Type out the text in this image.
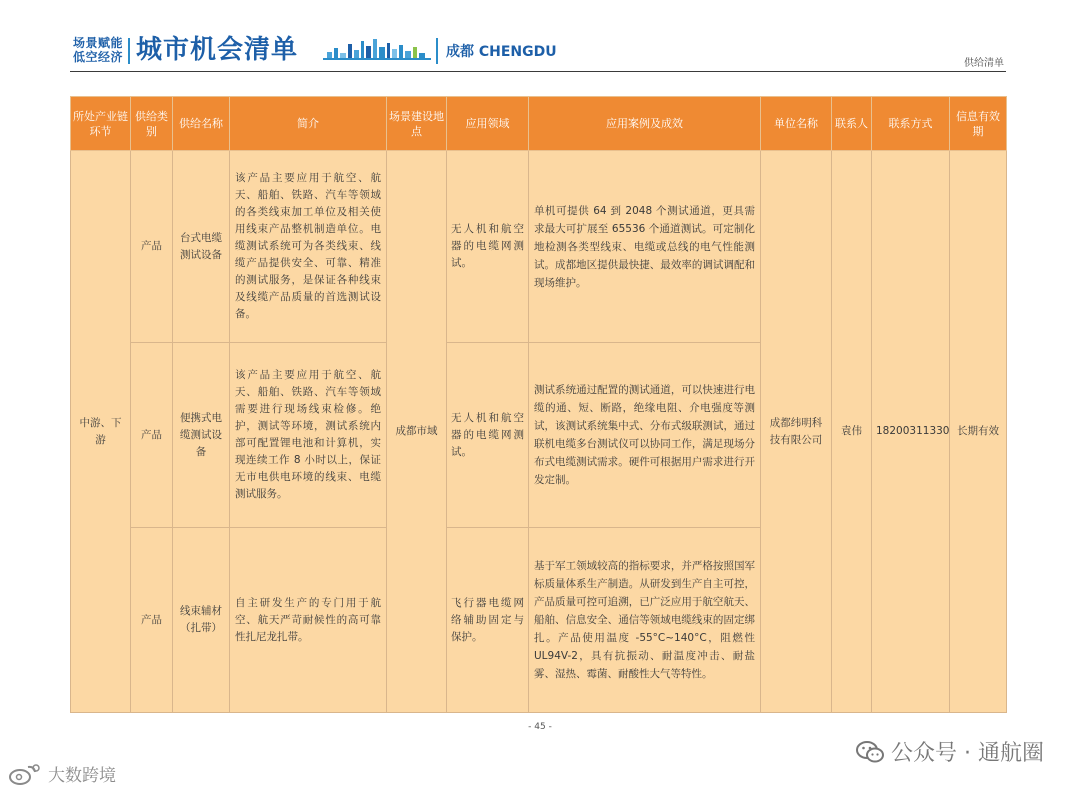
场景赋能
低空经济 城市机会清单	成都 CHENGDU
供给清单
所处产业链环节	供给类别	供给名称	简介	场景建设地点	应用领域	应用案例及成效	单位名称	联系人	联系方式	信息有效期
中游、下游	产品	台式电缆测试设备	该产品主要应用于航空、航天、船舶、铁路、汽车等领域的各类线束加工单位及相关使用线束产品整机制造单位。电缆测试系统可为各类线束、线缆产品提供安全、可靠、精准的测试服务，是保证各种线束及线缆产品质量的首选测试设备。	成都市域	无人机和航空器的电缆网测试。	单机可提供 64 到 2048 个测试通道，更具需求最大可扩展至 65536 个通道测试。可定制化地检测各类型线束、电缆或总线的电气性能测试。成都地区提供最快捷、最效率的调试调配和现场维护。	成都纬明科技有限公司	袁伟	18200311330	长期有效
	产品	便携式电缆测试设备	该产品主要应用于航空、航天、船舶、铁路、汽车等领域需要进行现场线束检修。绝护，测试等环境，测试系统内部可配置锂电池和计算机，实现连续工作 8 小时以上，保证无市电供电环境的线束、电缆测试服务。		无人机和航空器的电缆网测试。	测试系统通过配置的测试通道，可以快速进行电缆的通、短、断路，绝缘电阻、介电强度等测试，该测试系统集中式、分布式级联测试，通过联机电缆多台测试仪可以协同工作，满足现场分布式电缆测试需求。硬件可根据用户需求进行开发定制。				
	产品	线束辅材（扎带）	自主研发生产的专门用于航空、航天严苛耐候性的高可靠性扎尼龙扎带。		飞行器电缆网络辅助固定与保护。	基于军工领域较高的指标要求，并严格按照国军标质量体系生产制造。从研发到生产自主可控，产品质量可控可追溯，已广泛应用于航空航天、船舶、信息安全、通信等领域电缆线束的固定绑扎。产品使用温度 -55°C~140°C，阻燃性 UL94V-2，具有抗振动、耐温度冲击、耐盐雾、湿热、霉菌、耐酸性大气等特性。				
- 45 -
公众号 · 通航圈
大数跨境
